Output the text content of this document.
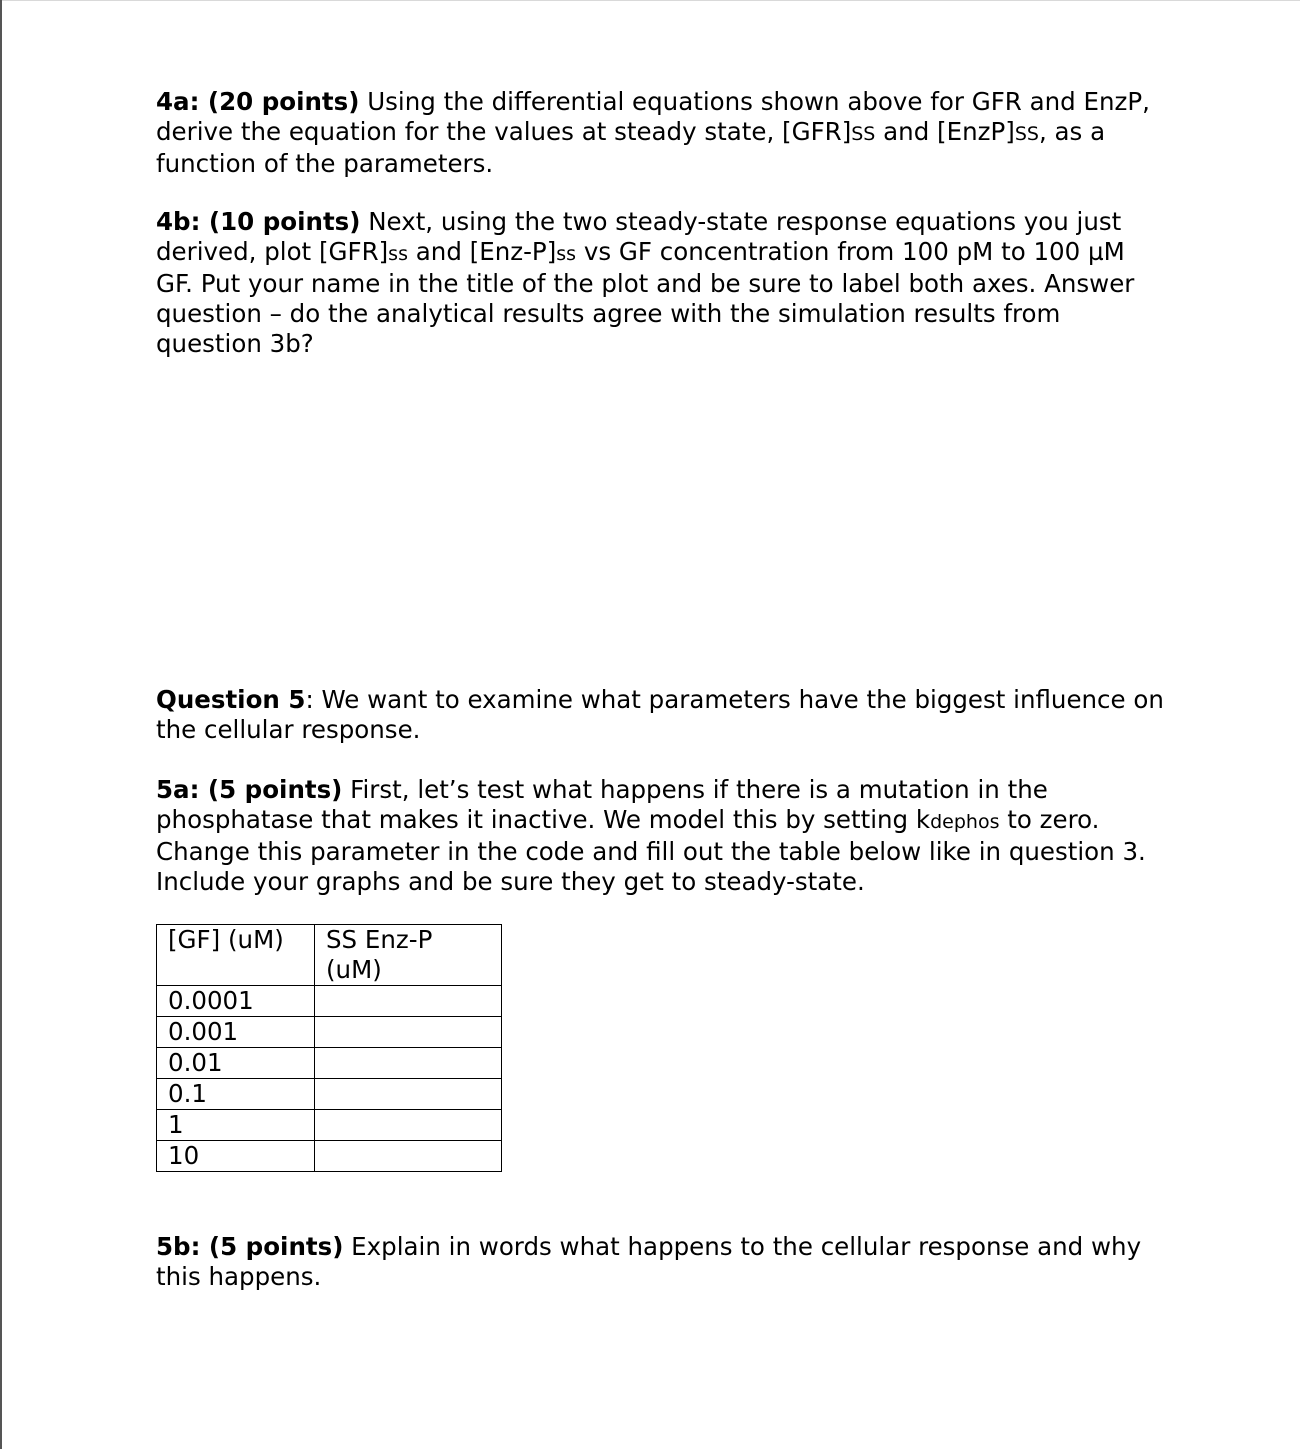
4a: (20 points) Using the differential equations shown above for GFR and EnzP, derive the equation for the values at steady state, [GFR]SS and [EnzP]SS, as a function of the parameters.

4b: (10 points) Next, using the two steady-state response equations you just derived, plot [GFR]ss and [Enz-P]ss vs GF concentration from 100 pM to 100 µM GF. Put your name in the title of the plot and be sure to label both axes. Answer question – do the analytical results agree with the simulation results from question 3b?

Question 5: We want to examine what parameters have the biggest influence on the cellular response.

5a: (5 points) First, let’s test what happens if there is a mutation in the phosphatase that makes it inactive. We model this by setting kdephos to zero. Change this parameter in the code and fill out the table below like in question 3. Include your graphs and be sure they get to steady-state.

[GF] (uM)	SS Enz-P (uM)
0.0001	
0.001	
0.01	
0.1	
1	
10	

5b: (5 points) Explain in words what happens to the cellular response and why this happens.
